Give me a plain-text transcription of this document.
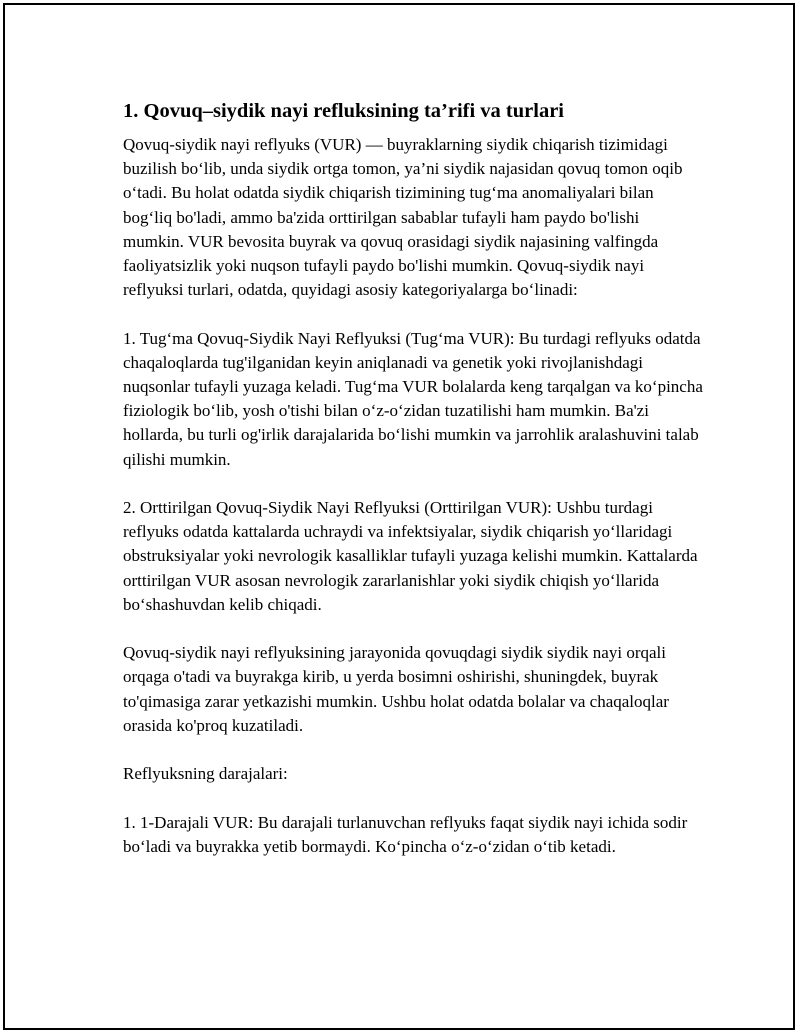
1. Qovuq–siydik nayi refluksining ta’rifi va turlari

Qovuq-siydik nayi reflyuks (VUR) — buyraklarning siydik chiqarish tizimidagi buzilish bo‘lib, unda siydik ortga tomon, ya’ni siydik najasidan qovuq tomon oqib o‘tadi. Bu holat odatda siydik chiqarish tizimining tug‘ma anomaliyalari bilan bog‘liq bo'ladi, ammo ba'zida orttirilgan sabablar tufayli ham paydo bo'lishi mumkin. VUR bevosita buyrak va qovuq orasidagi siydik najasining valfingda faoliyatsizlik yoki nuqson tufayli paydo bo'lishi mumkin. Qovuq-siydik nayi reflyuksi turlari, odatda, quyidagi asosiy kategoriyalarga bo‘linadi:

1. Tug‘ma Qovuq-Siydik Nayi Reflyuksi (Tug‘ma VUR): Bu turdagi reflyuks odatda chaqaloqlarda tug'ilganidan keyin aniqlanadi va genetik yoki rivojlanishdagi nuqsonlar tufayli yuzaga keladi. Tug‘ma VUR bolalarda keng tarqalgan va ko‘pincha fiziologik bo‘lib, yosh o'tishi bilan o‘z-o‘zidan tuzatilishi ham mumkin. Ba'zi hollarda, bu turli og'irlik darajalarida bo‘lishi mumkin va jarrohlik aralashuvini talab qilishi mumkin.

2. Orttirilgan Qovuq-Siydik Nayi Reflyuksi (Orttirilgan VUR): Ushbu turdagi reflyuks odatda kattalarda uchraydi va infektsiyalar, siydik chiqarish yo‘llaridagi obstruksiyalar yoki nevrologik kasalliklar tufayli yuzaga kelishi mumkin. Kattalarda orttirilgan VUR asosan nevrologik zararlanishlar yoki siydik chiqish yo‘llarida bo‘shashuvdan kelib chiqadi.

Qovuq-siydik nayi reflyuksining jarayonida qovuqdagi siydik siydik nayi orqali orqaga o'tadi va buyrakga kirib, u yerda bosimni oshirishi, shuningdek, buyrak to'qimasiga zarar yetkazishi mumkin. Ushbu holat odatda bolalar va chaqaloqlar orasida ko'proq kuzatiladi.

Reflyuksning darajalari:

1. 1-Darajali VUR: Bu darajali turlanuvchan reflyuks faqat siydik nayi ichida sodir bo‘ladi va buyrakka yetib bormaydi. Ko‘pincha o‘z-o‘zidan o‘tib ketadi.
